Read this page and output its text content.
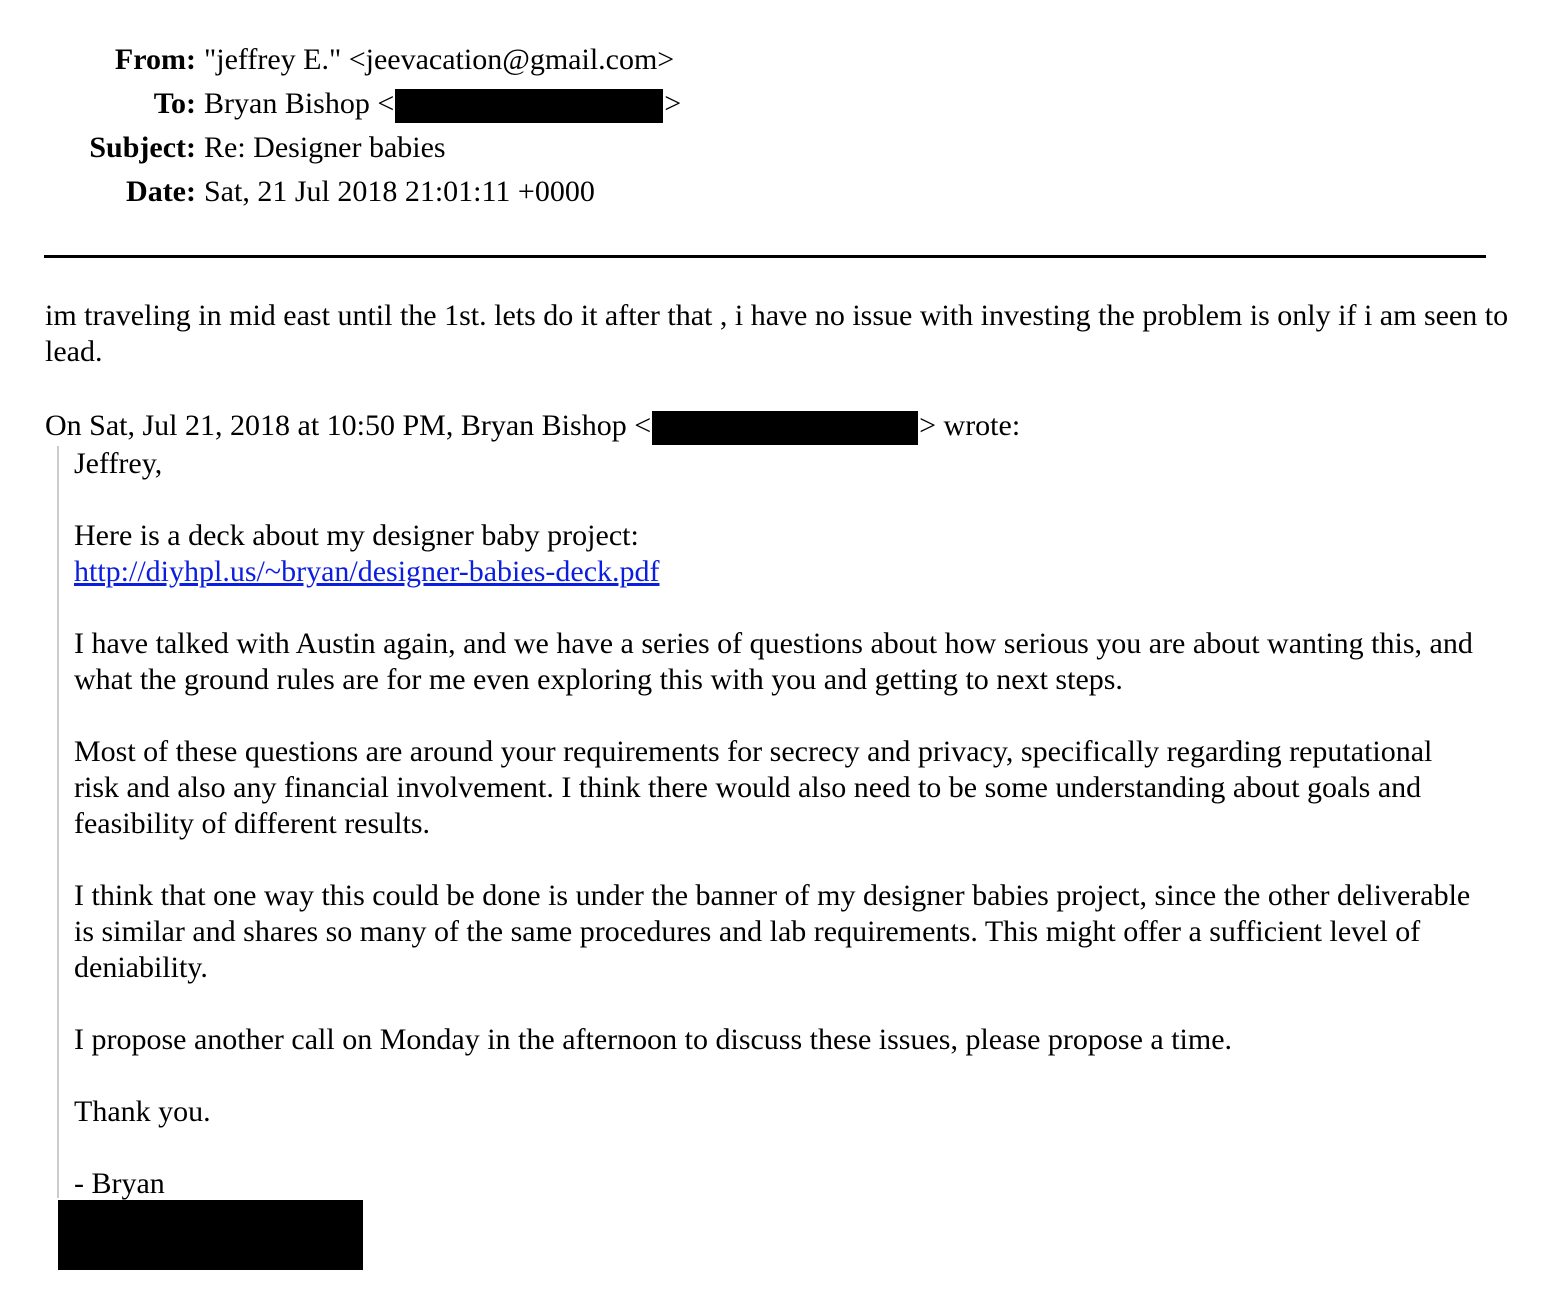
From: "jeffrey E." <jeevacation@gmail.com>
To: Bryan Bishop <	>
Subject: Re: Designer babies
Date: Sat, 21 Jul 2018 21:01:11 +0000
im traveling in mid east until the 1st. lets do it after that , i have no issue with investing the problem is only if i am seen to lead.
On Sat, Jul 21, 2018 at 10:50 PM, Bryan Bishop <	> wrote:

Jeffrey,

Here is a deck about my designer baby project:

http://diyhpl.us/~bryan/designer-babies-deck.pdf

I have talked with Austin again, and we have a series of questions about how serious you are about wanting this, and what the ground rules are for me even exploring this with you and getting to next steps.

Most of these questions are around your requirements for secrecy and privacy, specifically regarding reputational risk and also any financial involvement. I think there would also need to be some understanding about goals and feasibility of different results.

I think that one way this could be done is under the banner of my designer babies project, since the other deliverable is similar and shares so many of the same procedures and lab requirements. This might offer a sufficient level of deniability.

I propose another call on Monday in the afternoon to discuss these issues, please propose a time.

Thank you.

- Bryan
